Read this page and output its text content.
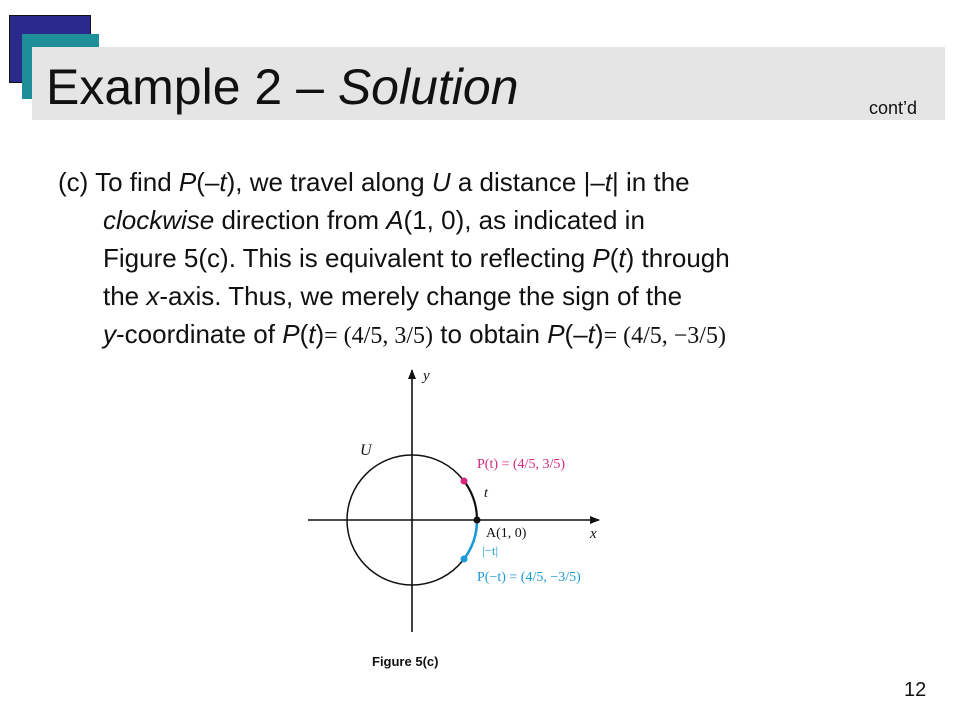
Example 2 – Solution	cont’d
(c) To find P(–t), we travel along U a distance |–t| in the
clockwise direction from A(1, 0), as indicated in
Figure 5(c). This is equivalent to reflecting P(t) through
the x-axis. Thus, we merely change the sign of the
y-coordinate of P(t)= (4/5, 3/5) to obtain P(–t)= (4/5, −3/5)
y
x
U
P(t) = (4/5, 3/5)
t
A(1, 0)
|−t|
P(−t) = (4/5, −3/5)
Figure 5(c)
12
